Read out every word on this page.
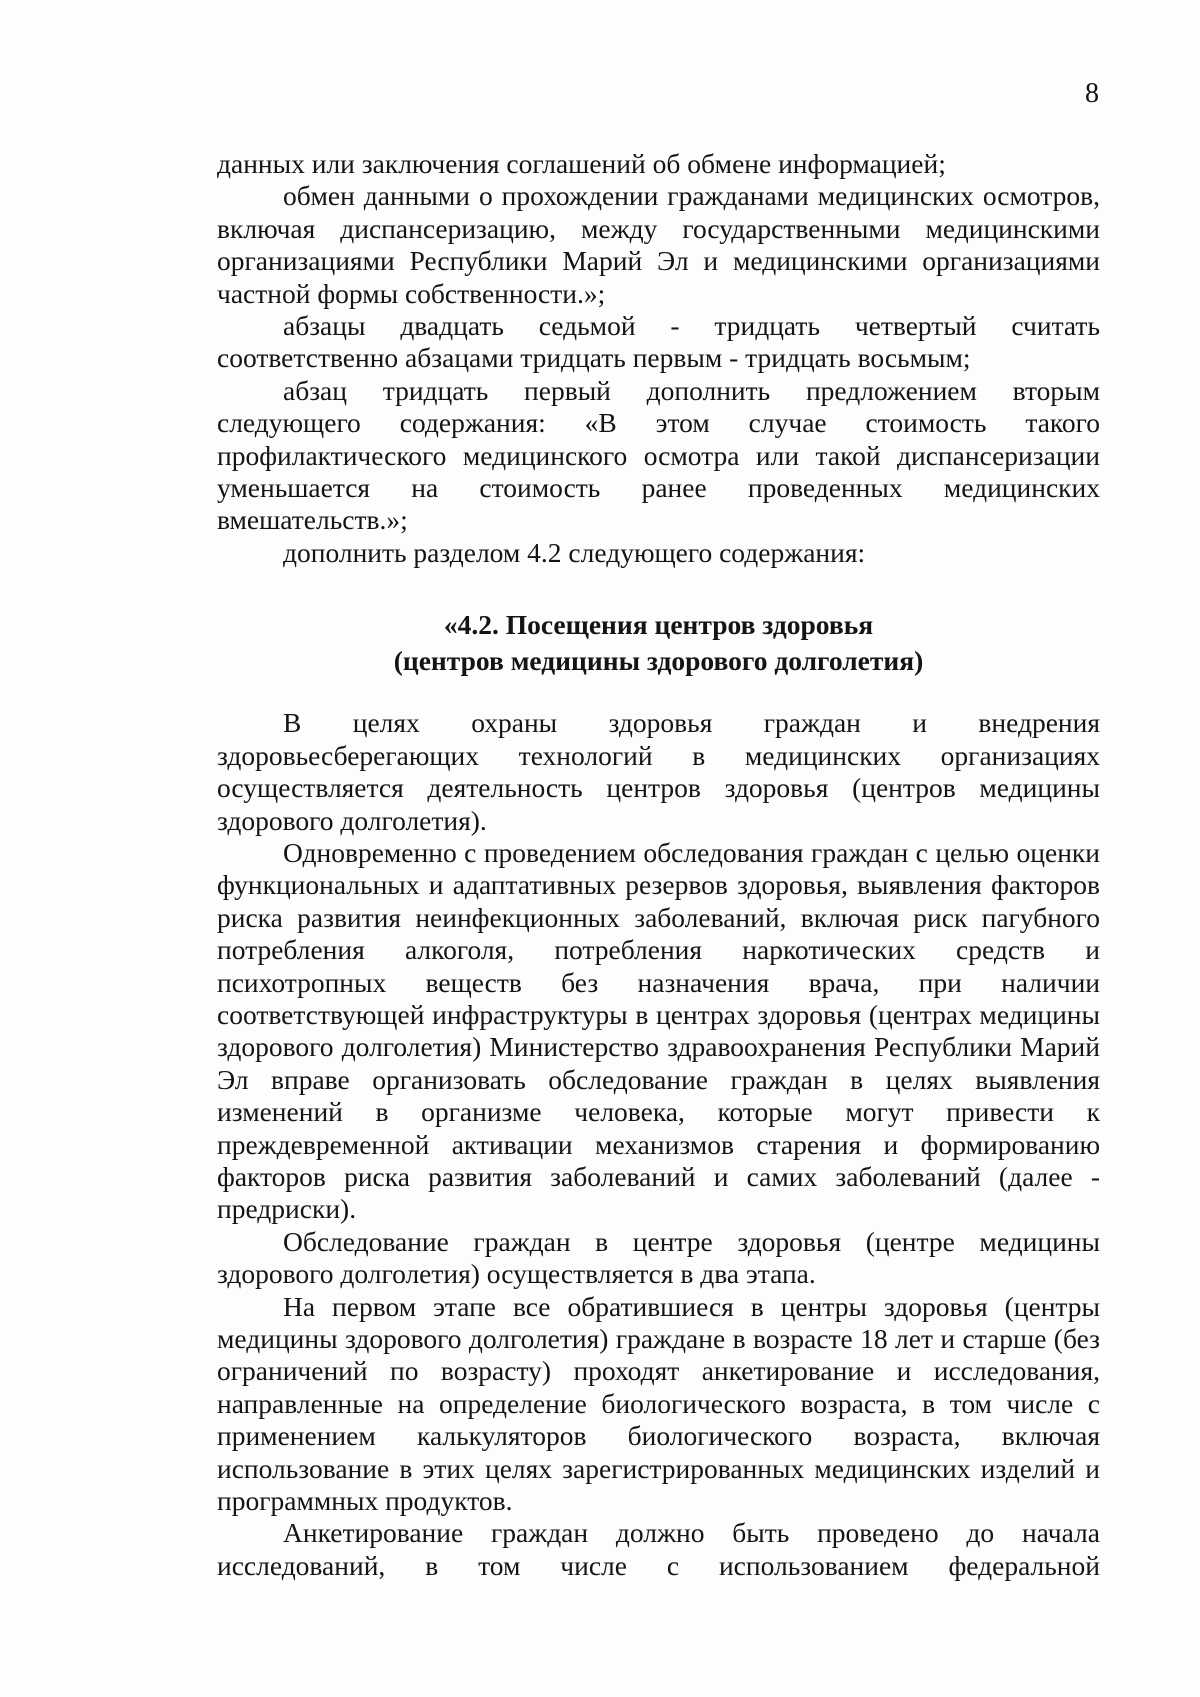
8

данных или заключения соглашений об обмене информацией;

обмен данными о прохождении гражданами медицинских осмотров, включая диспансеризацию, между государственными медицинскими организациями Республики Марий Эл и медицинскими организациями частной формы собственности.»;

абзацы двадцать седьмой - тридцать четвертый считать соответственно абзацами тридцать первым - тридцать восьмым;

абзац тридцать первый дополнить предложением вторым следующего содержания: «В этом случае стоимость такого профилактического медицинского осмотра или такой диспансеризации уменьшается на стоимость ранее проведенных медицинских вмешательств.»;

дополнить разделом 4.2 следующего содержания:

«4.2. Посещения центров здоровья
(центров медицины здорового долголетия)

В целях охраны здоровья граждан и внедрения здоровьесберегающих технологий в медицинских организациях осуществляется деятельность центров здоровья (центров медицины здорового долголетия).

Одновременно с проведением обследования граждан с целью оценки функциональных и адаптативных резервов здоровья, выявления факторов риска развития неинфекционных заболеваний, включая риск пагубного потребления алкоголя, потребления наркотических средств и психотропных веществ без назначения врача, при наличии соответствующей инфраструктуры в центрах здоровья (центрах медицины здорового долголетия) Министерство здравоохранения Республики Марий Эл вправе организовать обследование граждан в целях выявления изменений в организме человека, которые могут привести к преждевременной активации механизмов старения и формированию факторов риска развития заболеваний и самих заболеваний (далее - предриски).

Обследование граждан в центре здоровья (центре медицины здорового долголетия) осуществляется в два этапа.

На первом этапе все обратившиеся в центры здоровья (центры медицины здорового долголетия) граждане в возрасте 18 лет и старше (без ограничений по возрасту) проходят анкетирование и исследования, направленные на определение биологического возраста, в том числе с применением калькуляторов биологического возраста, включая использование в этих целях зарегистрированных медицинских изделий и программных продуктов.

Анкетирование граждан должно быть проведено до начала исследований, в том числе с использованием федеральной
